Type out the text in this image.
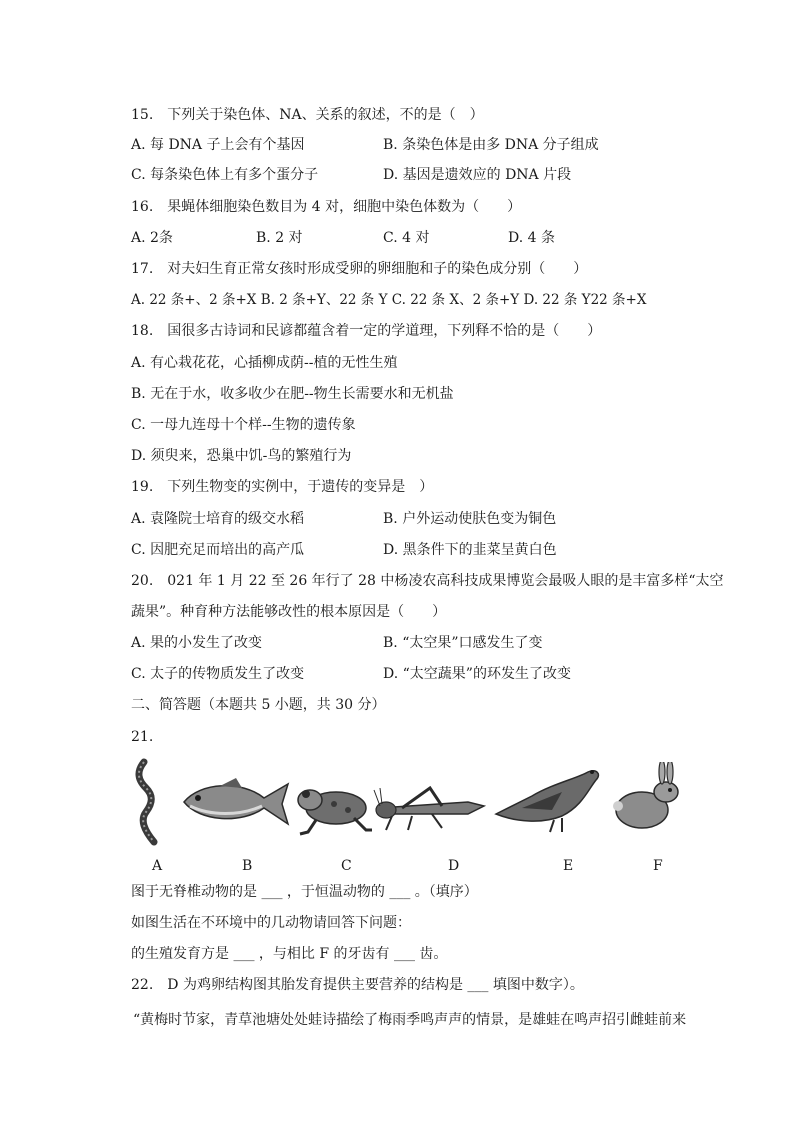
15.　下列关于染色体、NA、关系的叙述，不的是（　）
A. 每 DNA 子上会有个基因	B. 条染色体是由多 DNA 分子组成
C. 每条染色体上有多个蛋分子	D. 基因是遗效应的 DNA 片段
16.　果蝇体细胞染色数目为 4 对，细胞中染色体数为（　　）
A. 2条	B. 2 对	C. 4 对	D. 4 条
17.　对夫妇生育正常女孩时形成受卵的卵细胞和子的染色成分别（　　）
A. 22 条+、2 条+X B. 2 条+Y、22 条 Y C. 22 条 X、2 条+Y D. 22 条 Y22 条+X
18.　国很多古诗词和民谚都蕴含着一定的学道理，下列释不恰的是（　　）
A. 有心栽花花，心插柳成荫--植的无性生殖
B. 无在于水，收多收少在肥--物生长需要水和无机盐
C. 一母九连母十个样--生物的遗传象
D. 须臾来，恐巢中饥-鸟的繁殖行为
19.　下列生物变的实例中，于遗传的变异是　）
A. 袁隆院士培育的级交水稻	B. 户外运动使肤色变为铜色
C. 因肥充足而培出的高产瓜	D. 黑条件下的韭菜呈黄白色
20.　021 年 1 月 22 至 26 年行了 28 中杨凌农高科技成果博览会最吸人眼的是丰富多样“太空
蔬果”。种育种方法能够改性的根本原因是（　　）
A. 果的小发生了改变	B. “太空果”口感发生了变
C. 太子的传物质发生了改变	D. “太空蔬果”的环发生了改变
二、简答题（本题共 5 小题，共 30 分）
21.
A	B	C	D	E	F
图于无脊椎动物的是 ___ ，于恒温动物的 ___ 。（填序）
如图生活在不环境中的几动物请回答下问题：
的生殖发育方是 ___ ，与相比 F 的牙齿有 ___ 齿。
22.　D 为鸡卵结构图其胎发育提供主要营养的结构是 ___ 填图中数字）。
“黄梅时节家，青草池塘处处蛙诗描绘了梅雨季鸣声声的情景，是雄蛙在鸣声招引雌蛙前来
